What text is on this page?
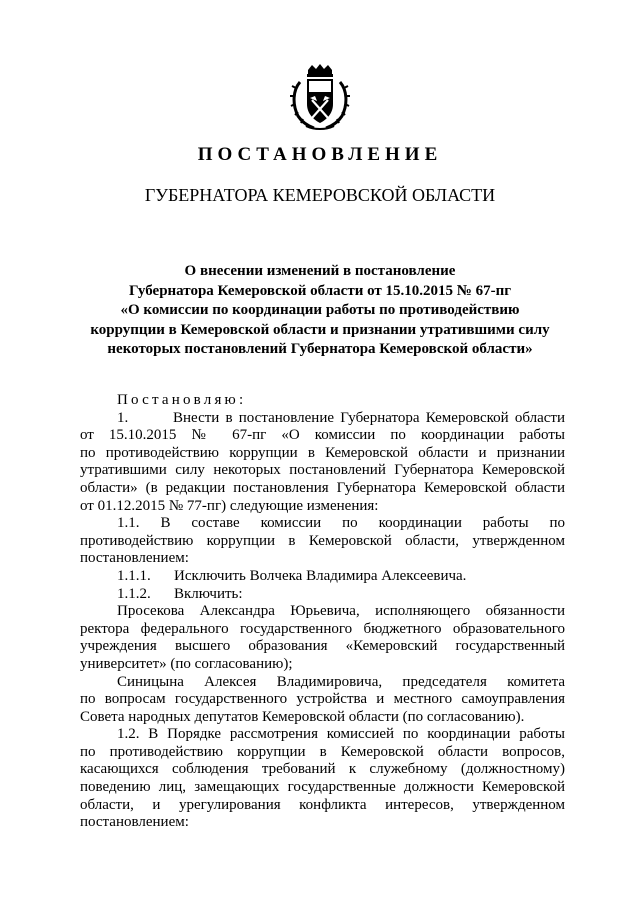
ПОСТАНОВЛЕНИЕ
ГУБЕРНАТОРА КЕМЕРОВСКОЙ ОБЛАСТИ
О внесении изменений в постановление
Губернатора Кемеровской области от 15.10.2015 № 67-пг
«О комиссии по координации работы по противодействию
коррупции в Кемеровской области и признании утратившими силу
некоторых постановлений Губернатора Кемеровской области»
Постановляю:
1.	Внести в постановление Губернатора Кемеровской области
от 15.10.2015 № 67-пг «О комиссии по координации работы
по противодействию коррупции в Кемеровской области и признании
утратившими силу некоторых постановлений Губернатора Кемеровской
области» (в редакции постановления Губернатора Кемеровской области
от 01.12.2015 № 77-пг) следующие изменения:
1.1. В составе комиссии по координации работы по
противодействию коррупции в Кемеровской области, утвержденном
постановлением:
1.1.1. Исключить Волчека Владимира Алексеевича.
1.1.2. Включить:
Просекова Александра Юрьевича, исполняющего обязанности
ректора федерального государственного бюджетного образовательного
учреждения высшего образования «Кемеровский государственный
университет» (по согласованию);
Синицына Алексея Владимировича, председателя комитета
по вопросам государственного устройства и местного самоуправления
Совета народных депутатов Кемеровской области (по согласованию).
1.2. В Порядке рассмотрения комиссией по координации работы
по противодействию коррупции в Кемеровской области вопросов,
касающихся соблюдения требований к служебному (должностному)
поведению лиц, замещающих государственные должности Кемеровской
области, и урегулирования конфликта интересов, утвержденном
постановлением:
